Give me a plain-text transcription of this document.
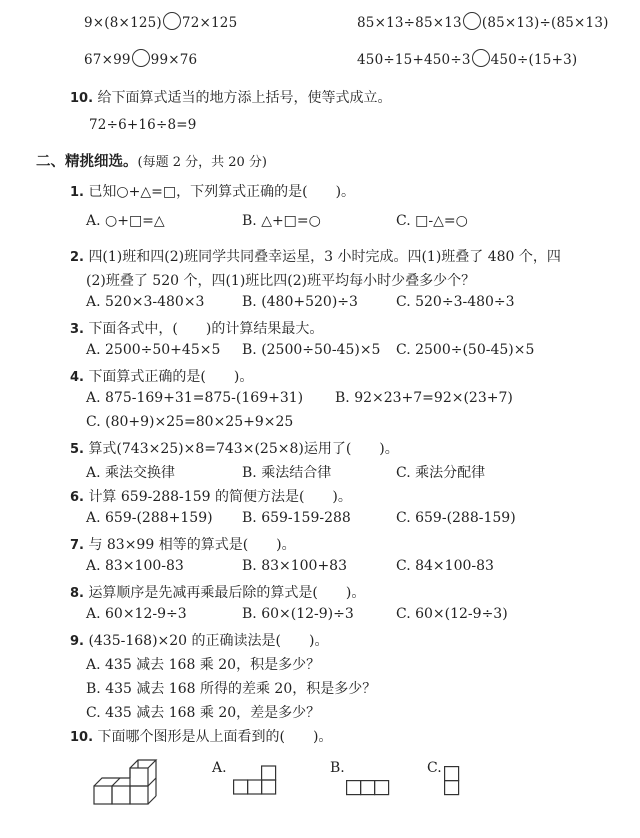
9×(8×125) 72×125	85×13÷85×13 (85×13)÷(85×13)
67×99 99×76	450÷15+450÷3 450÷(15+3)
10. 给下面算式适当的地方添上括号，使等式成立。
72÷6+16÷8=9
二、精挑细选。(每题 2 分，共 20 分)
1. 已知○+△=□，下列算式正确的是(　　)。
A. ○+□=△	B. △+□=○	C. □-△=○
2. 四(1)班和四(2)班同学共同叠幸运星，3 小时完成。四(1)班叠了 480 个，四
(2)班叠了 520 个，四(1)班比四(2)班平均每小时少叠多少个？
A. 520×3-480×3	B. (480+520)÷3	C. 520÷3-480÷3
3. 下面各式中，(　　)的计算结果最大。
A. 2500÷50+45×5 B. (2500÷50-45)×5 C. 2500÷(50-45)×5
4. 下面算式正确的是(　　)。
A. 875-169+31=875-(169+31) B. 92×23+7=92×(23+7)
C. (80+9)×25=80×25+9×25
5. 算式(743×25)×8=743×(25×8)运用了(　　)。
A. 乘法交换律	B. 乘法结合律	C. 乘法分配律
6. 计算 659-288-159 的简便方法是(　　)。
A. 659-(288+159) B. 659-159-288	C. 659-(288-159)
7. 与 83×99 相等的算式是(　　)。
A. 83×100-83	B. 83×100+83	C. 84×100-83
8. 运算顺序是先减再乘最后除的算式是(　　)。
A. 60×12-9÷3	B. 60×(12-9)÷3	C. 60×(12-9÷3)
9. (435-168)×20 的正确读法是(　　)。
A. 435 减去 168 乘 20，积是多少？
B. 435 减去 168 所得的差乘 20，积是多少？
C. 435 减去 168 乘 20，差是多少？
10. 下面哪个图形是从上面看到的(　　)。
A.	B.	C.
